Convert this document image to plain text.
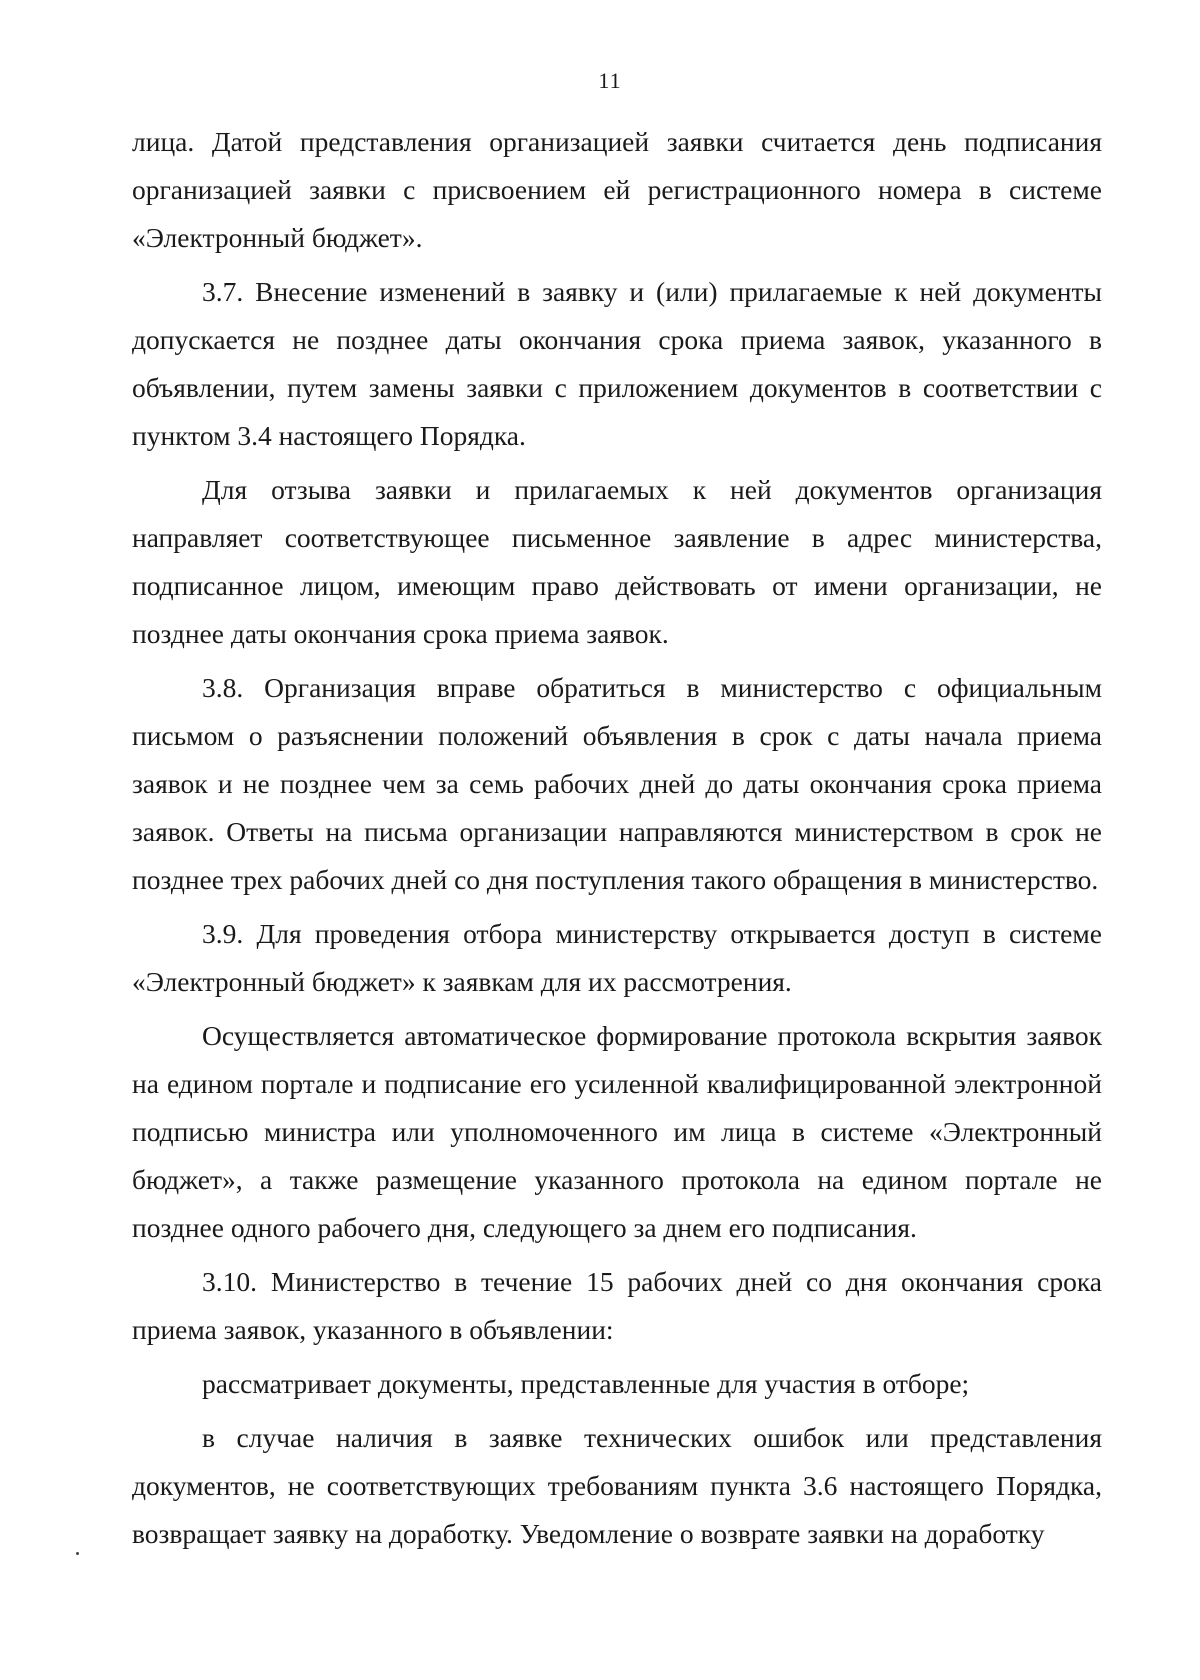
11

лица. Датой представления организацией заявки считается день подписания организацией заявки с присвоением ей регистрационного номера в системе «Электронный бюджет».

3.7. Внесение изменений в заявку и (или) прилагаемые к ней документы допускается не позднее даты окончания срока приема заявок, указанного в объявлении, путем замены заявки с приложением документов в соответствии с пунктом 3.4 настоящего Порядка.

Для отзыва заявки и прилагаемых к ней документов организация направляет соответствующее письменное заявление в адрес министерства, подписанное лицом, имеющим право действовать от имени организации, не позднее даты окончания срока приема заявок.

3.8. Организация вправе обратиться в министерство с официальным письмом о разъяснении положений объявления в срок с даты начала приема заявок и не позднее чем за семь рабочих дней до даты окончания срока приема заявок. Ответы на письма организации направляются министерством в срок не позднее трех рабочих дней со дня поступления такого обращения в министерство.

3.9. Для проведения отбора министерству открывается доступ в системе «Электронный бюджет» к заявкам для их рассмотрения.

Осуществляется автоматическое формирование протокола вскрытия заявок на едином портале и подписание его усиленной квалифицированной электронной подписью министра или уполномоченного им лица в системе «Электронный бюджет», а также размещение указанного протокола на едином портале не позднее одного рабочего дня, следующего за днем его подписания.

3.10. Министерство в течение 15 рабочих дней со дня окончания срока приема заявок, указанного в объявлении:

рассматривает документы, представленные для участия в отборе;

в случае наличия в заявке технических ошибок или представления документов, не соответствующих требованиям пункта 3.6 настоящего Порядка, возвращает заявку на доработку. Уведомление о возврате заявки на доработку
